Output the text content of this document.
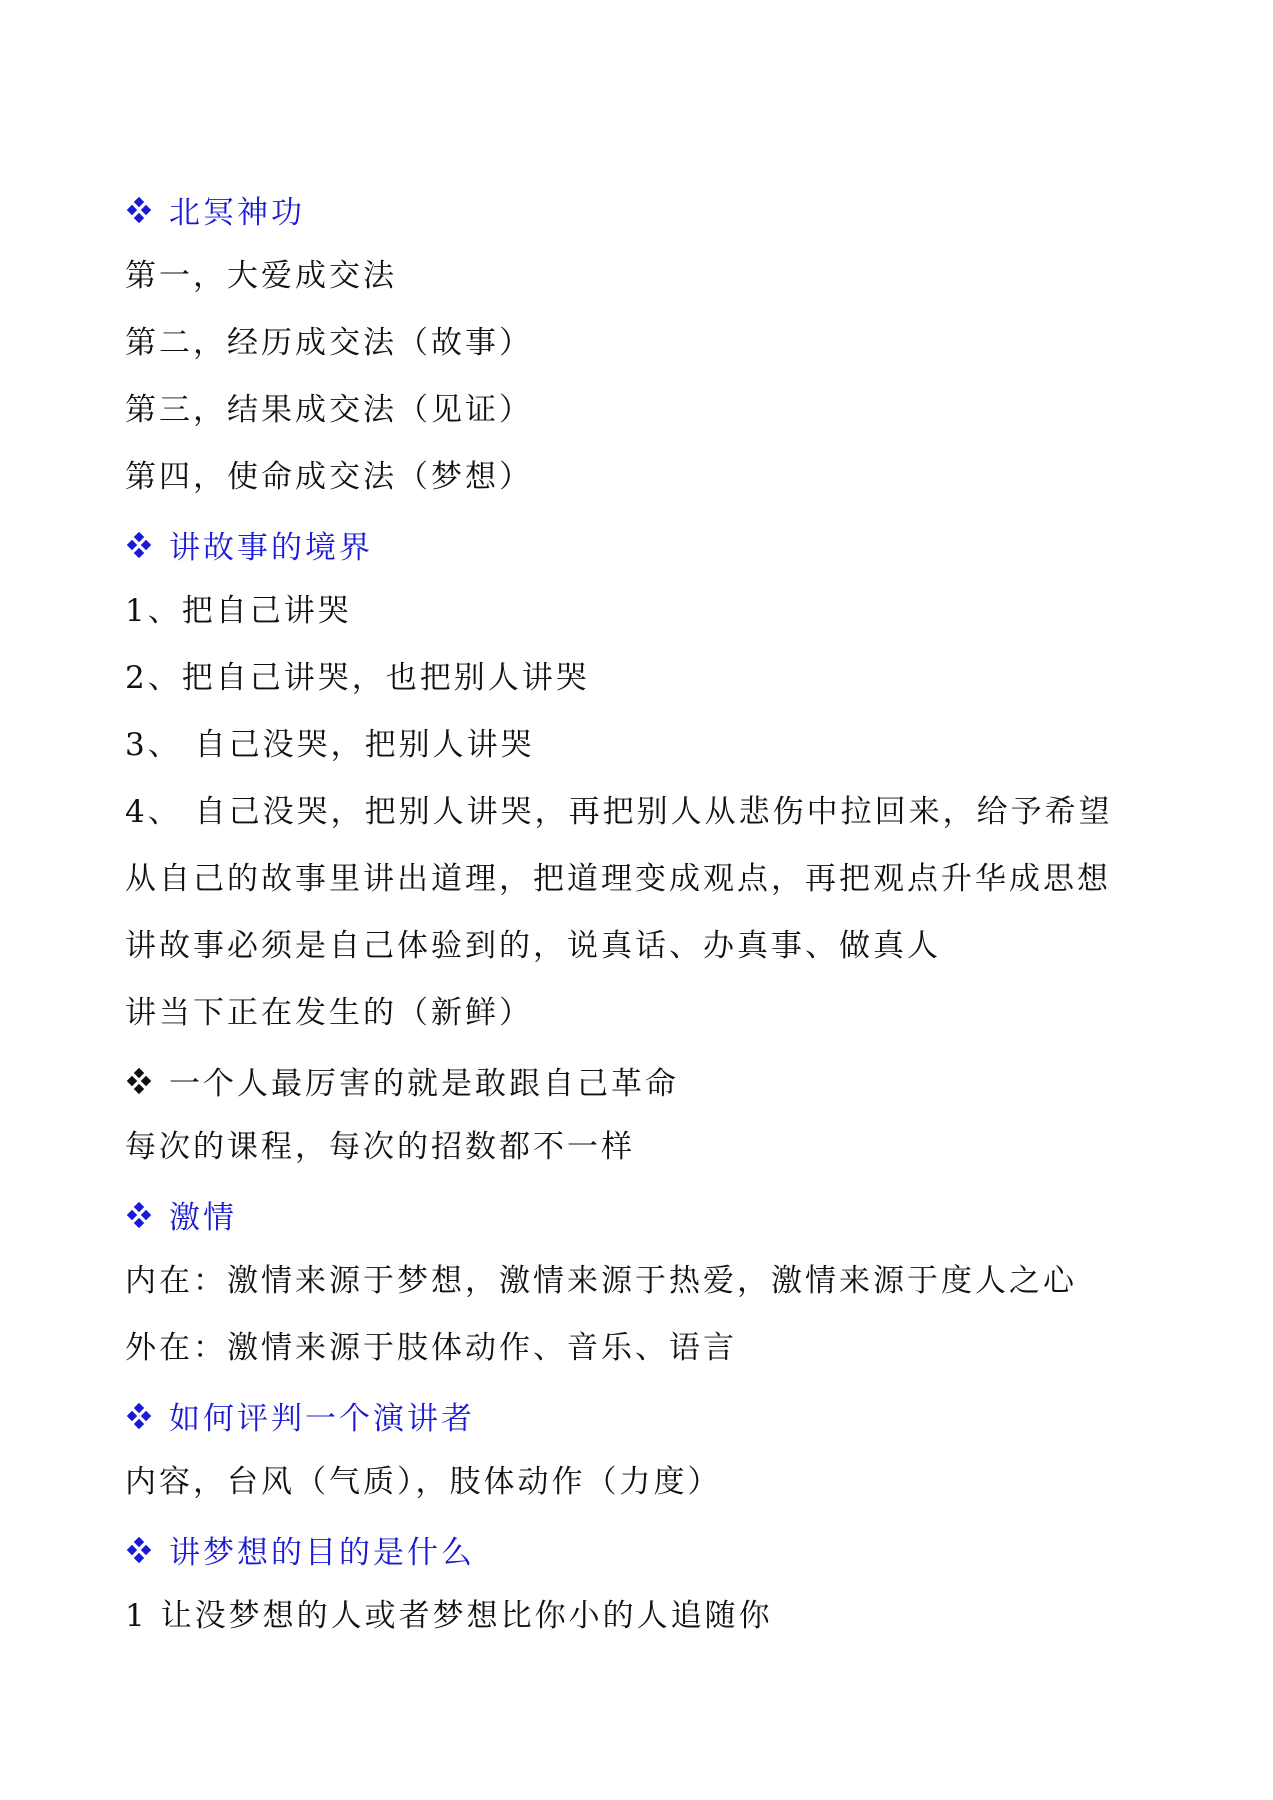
北冥神功
第一，大爱成交法
第二，经历成交法（故事）
第三，结果成交法（见证）
第四，使命成交法（梦想）
讲故事的境界
1、把自己讲哭
2、把自己讲哭，也把别人讲哭
3、 自己没哭，把别人讲哭
4、 自己没哭，把别人讲哭，再把别人从悲伤中拉回来，给予希望
从自己的故事里讲出道理，把道理变成观点，再把观点升华成思想
讲故事必须是自己体验到的，说真话、办真事、做真人
讲当下正在发生的（新鲜）
一个人最厉害的就是敢跟自己革命
每次的课程，每次的招数都不一样
激情
内在：激情来源于梦想，激情来源于热爱，激情来源于度人之心
外在：激情来源于肢体动作、音乐、语言
如何评判一个演讲者
内容，台风（气质），肢体动作（力度）
讲梦想的目的是什么
1 让没梦想的人或者梦想比你小的人追随你
